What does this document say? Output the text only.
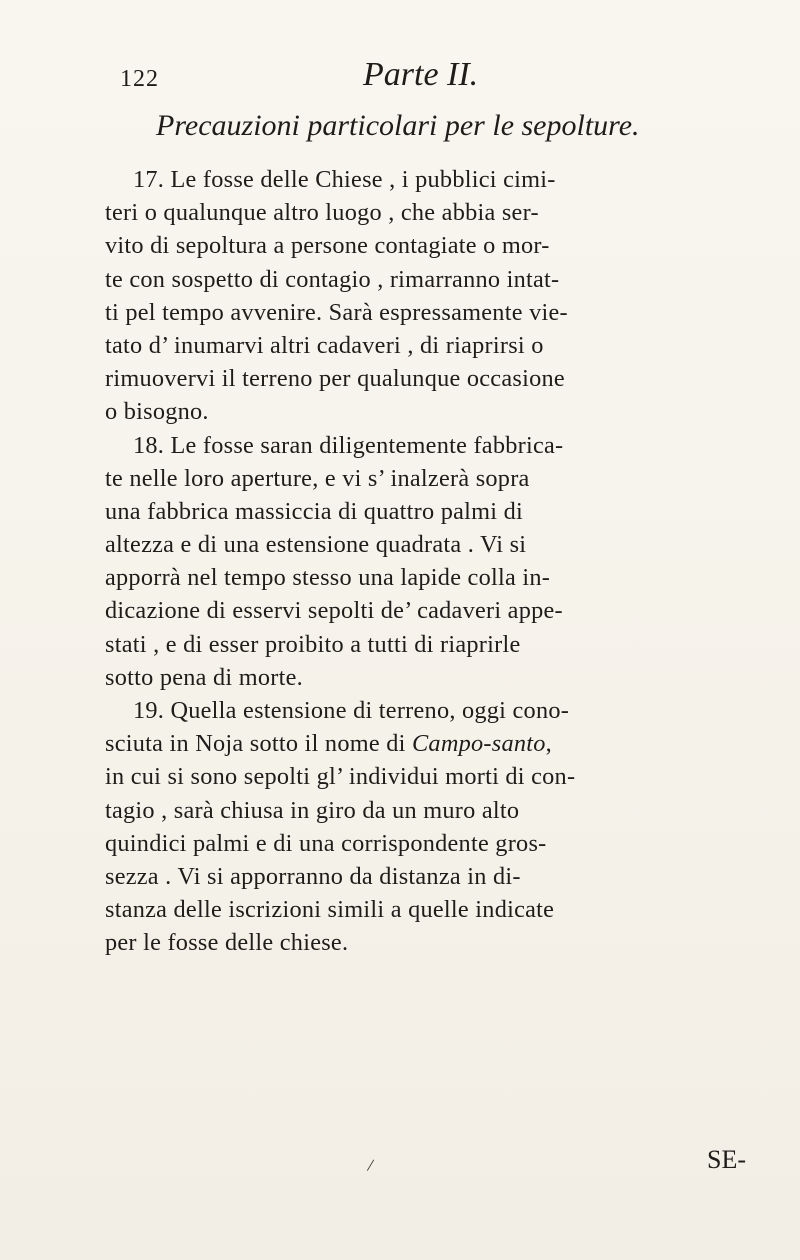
122	Parte II.
Precauzioni particolari per le sepolture.
17. Le fosse delle Chiese , i pubblici cimi-
teri o qualunque altro luogo , che abbia ser-
vito di sepoltura a persone contagiate o mor-
te con sospetto di contagio , rimarranno intat-
ti pel tempo avvenire. Sarà espressamente vie-
tato d’ inumarvi altri cadaveri , di riaprirsi o
rimuovervi il terreno per qualunque occasione
o bisogno.
18. Le fosse saran diligentemente fabbrica-
te nelle loro aperture, e vi s’ inalzerà sopra
una fabbrica massiccia di quattro palmi di
altezza e di una estensione quadrata . Vi si
apporrà nel tempo stesso una lapide colla in-
dicazione di esservi sepolti de’ cadaveri appe-
stati , e di esser proibito a tutti di riaprirle
sotto pena di morte.
19. Quella estensione di terreno, oggi cono-
sciuta in Noja sotto il nome di Campo-santo,
in cui si sono sepolti gl’ individui morti di con-
tagio , sarà chiusa in giro da un muro alto
quindici palmi e di una corrispondente gros-
sezza . Vi si apporranno da distanza in di-
stanza delle iscrizioni simili a quelle indicate
per le fosse delle chiese.
/	SE-
